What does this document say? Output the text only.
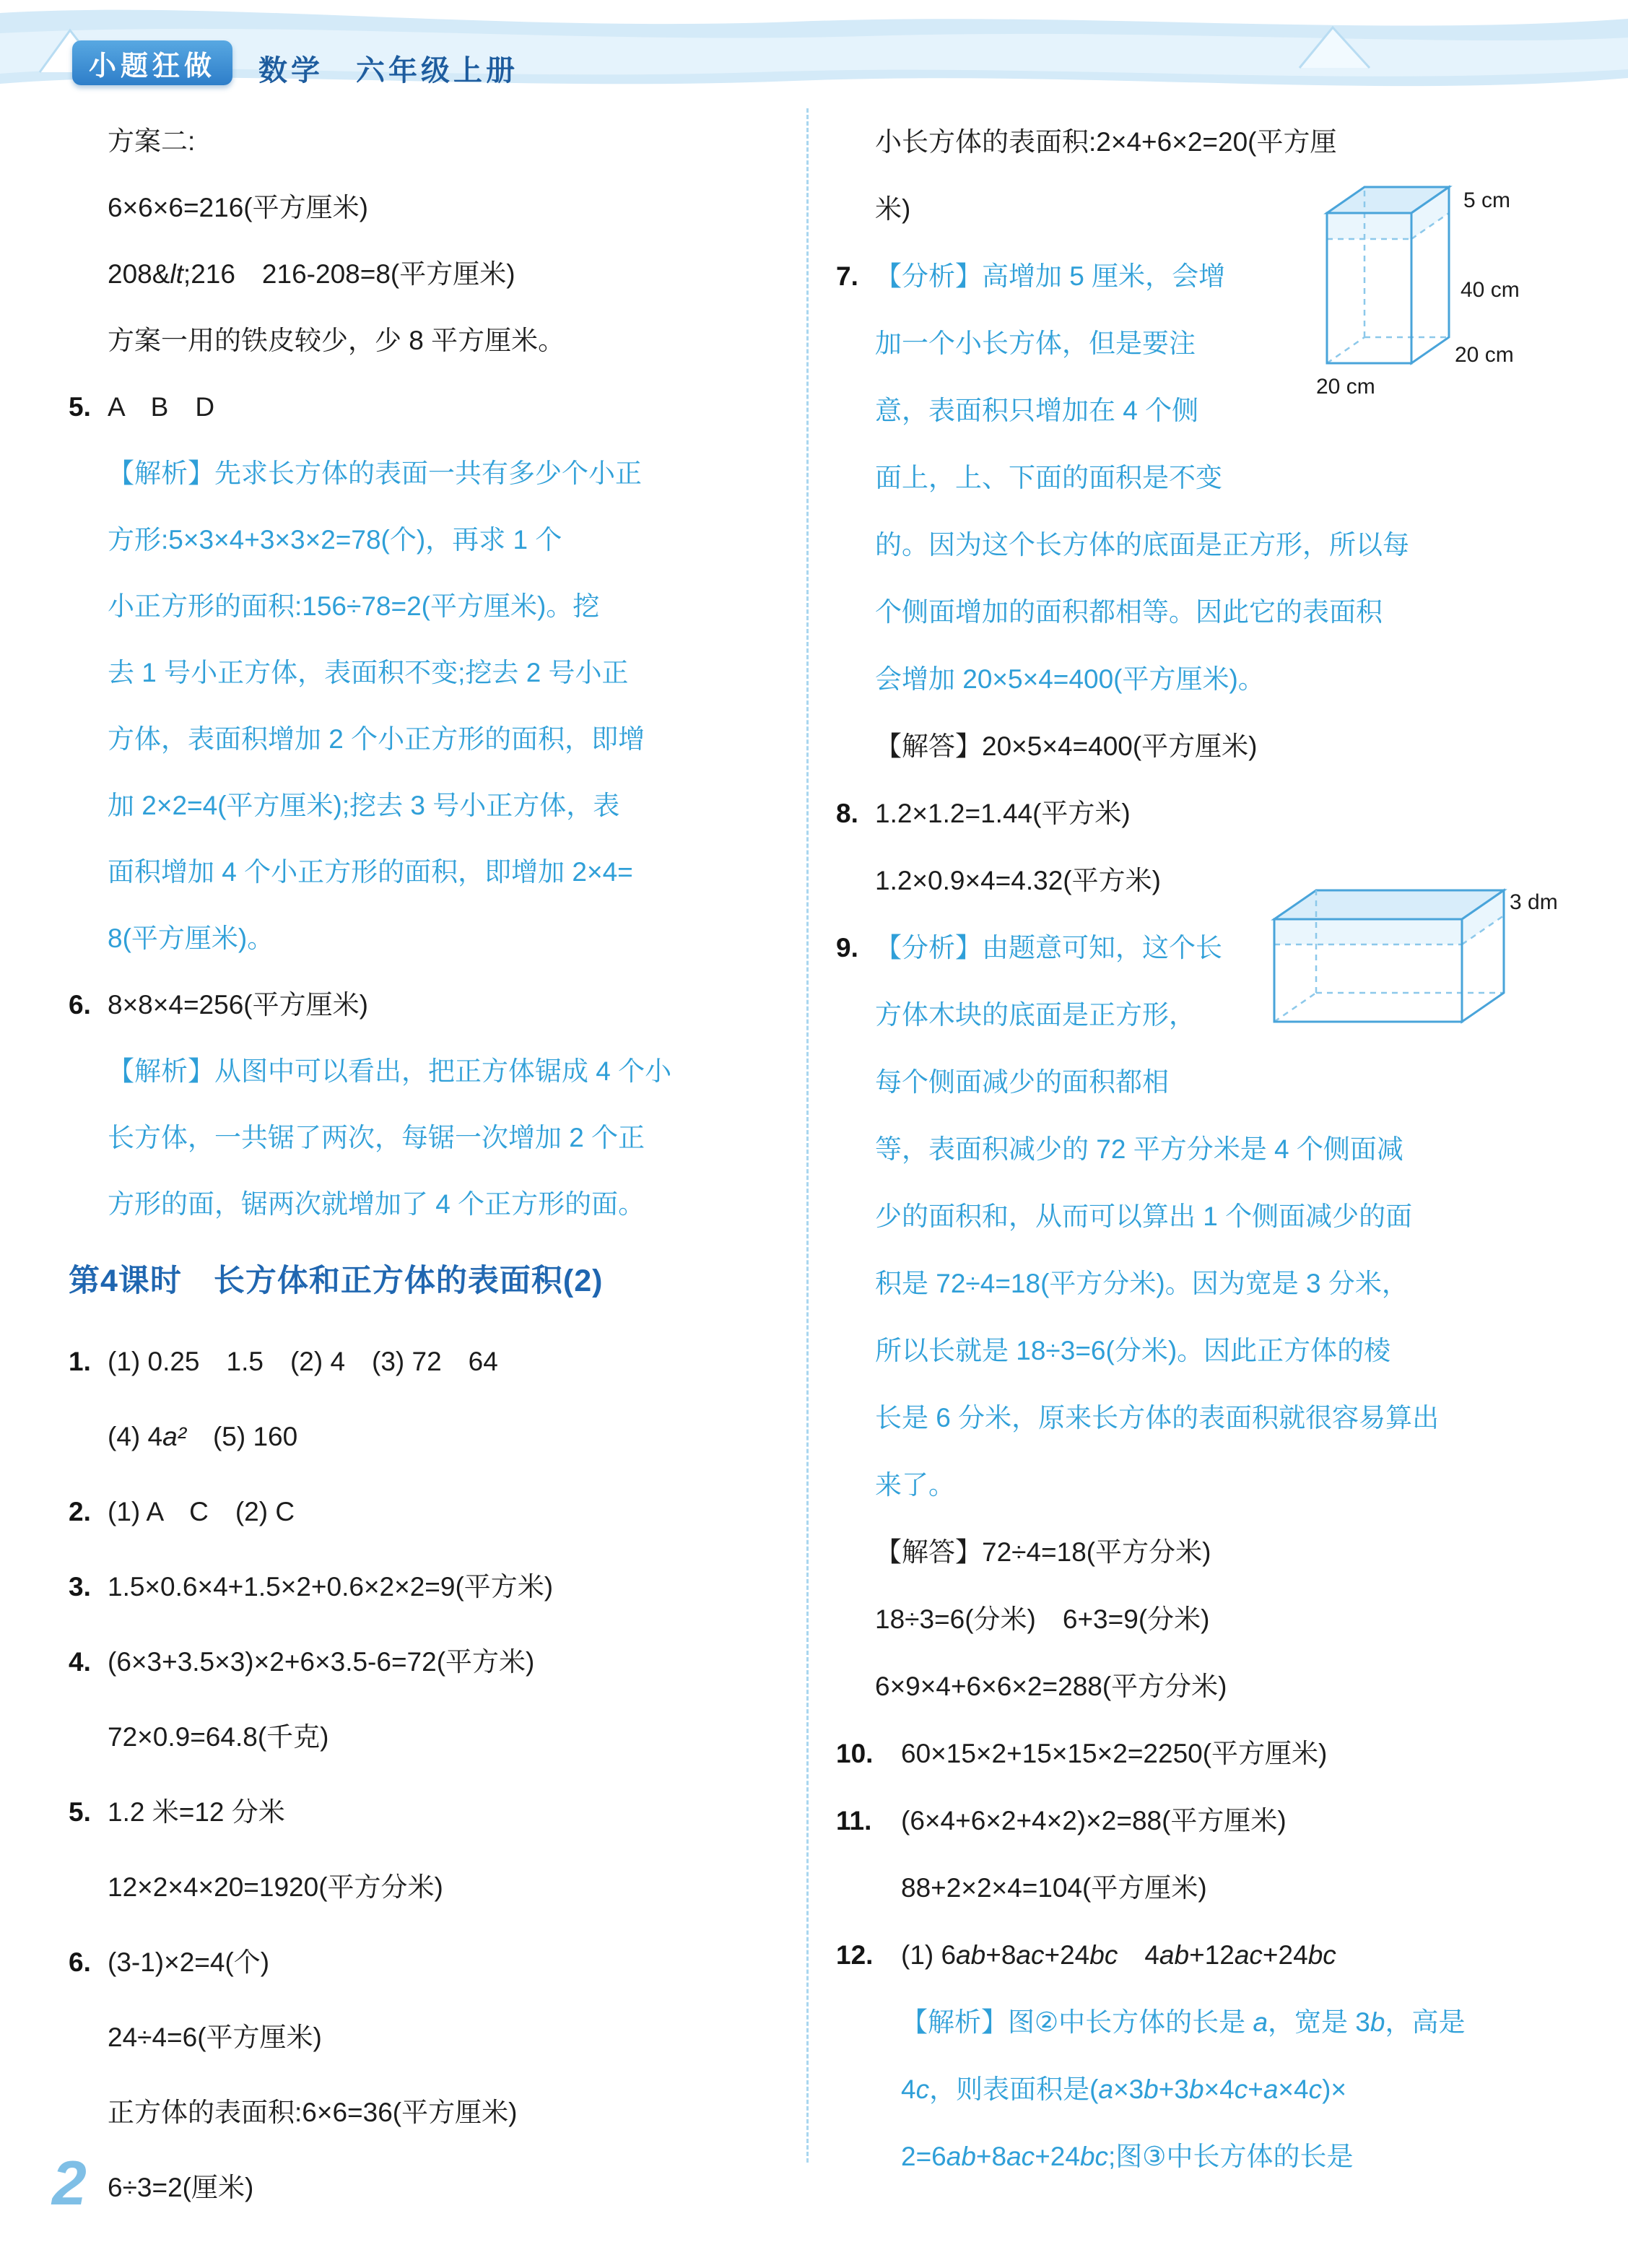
小题狂做	数学　六年级上册
方案二:
6×6×6=216(平方厘米)
208&lt;216　216-208=8(平方厘米)
方案一用的铁皮较少，少 8 平方厘米。
5. A　B　D
【解析】先求长方体的表面一共有多少个小正
方形:5×3×4+3×3×2=78(个)，再求 1 个
小正方形的面积:156÷78=2(平方厘米)。挖
去 1 号小正方体，表面积不变;挖去 2 号小正
方体，表面积增加 2 个小正方形的面积，即增
加 2×2=4(平方厘米);挖去 3 号小正方体，表
面积增加 4 个小正方形的面积，即增加 2×4=
8(平方厘米)。
6. 8×8×4=256(平方厘米)
【解析】从图中可以看出，把正方体锯成 4 个小
长方体，一共锯了两次，每锯一次增加 2 个正
方形的面，锯两次就增加了 4 个正方形的面。
第4课时　长方体和正方体的表面积(2)
1. (1) 0.25　1.5　(2) 4　(3) 72　64
(4) 4a²　(5) 160
2. (1) A　C　(2) C
3. 1.5×0.6×4+1.5×2+0.6×2×2=9(平方米)
4. (6×3+3.5×3)×2+6×3.5-6=72(平方米)
72×0.9=64.8(千克)
5. 1.2 米=12 分米
12×2×4×20=1920(平方分米)
6. (3-1)×2=4(个)
24÷4=6(平方厘米)
正方体的表面积:6×6=36(平方厘米)
6÷3=2(厘米)
5 cm
40 cm
20 cm
20 cm
3 dm
小长方体的表面积:2×4+6×2=20(平方厘
米)
7. 【分析】高增加 5 厘米，会增
加一个小长方体，但是要注
意，表面积只增加在 4 个侧
面上，上、下面的面积是不变
的。因为这个长方体的底面是正方形，所以每
个侧面增加的面积都相等。因此它的表面积
会增加 20×5×4=400(平方厘米)。
【解答】20×5×4=400(平方厘米)
8. 1.2×1.2=1.44(平方米)
1.2×0.9×4=4.32(平方米)
9. 【分析】由题意可知，这个长
方体木块的底面是正方形，
每个侧面减少的面积都相
等，表面积减少的 72 平方分米是 4 个侧面减
少的面积和，从而可以算出 1 个侧面减少的面
积是 72÷4=18(平方分米)。因为宽是 3 分米，
所以长就是 18÷3=6(分米)。因此正方体的棱
长是 6 分米，原来长方体的表面积就很容易算出
来了。
【解答】72÷4=18(平方分米)
18÷3=6(分米)　6+3=9(分米)
6×9×4+6×6×2=288(平方分米)
10. 60×15×2+15×15×2=2250(平方厘米)
11. (6×4+6×2+4×2)×2=88(平方厘米)
88+2×2×4=104(平方厘米)
12. (1) 6ab+8ac+24bc　4ab+12ac+24bc
【解析】图②中长方体的长是 a，宽是 3b，高是
4c，则表面积是(a×3b+3b×4c+a×4c)×
2=6ab+8ac+24bc;图③中长方体的长是
2
